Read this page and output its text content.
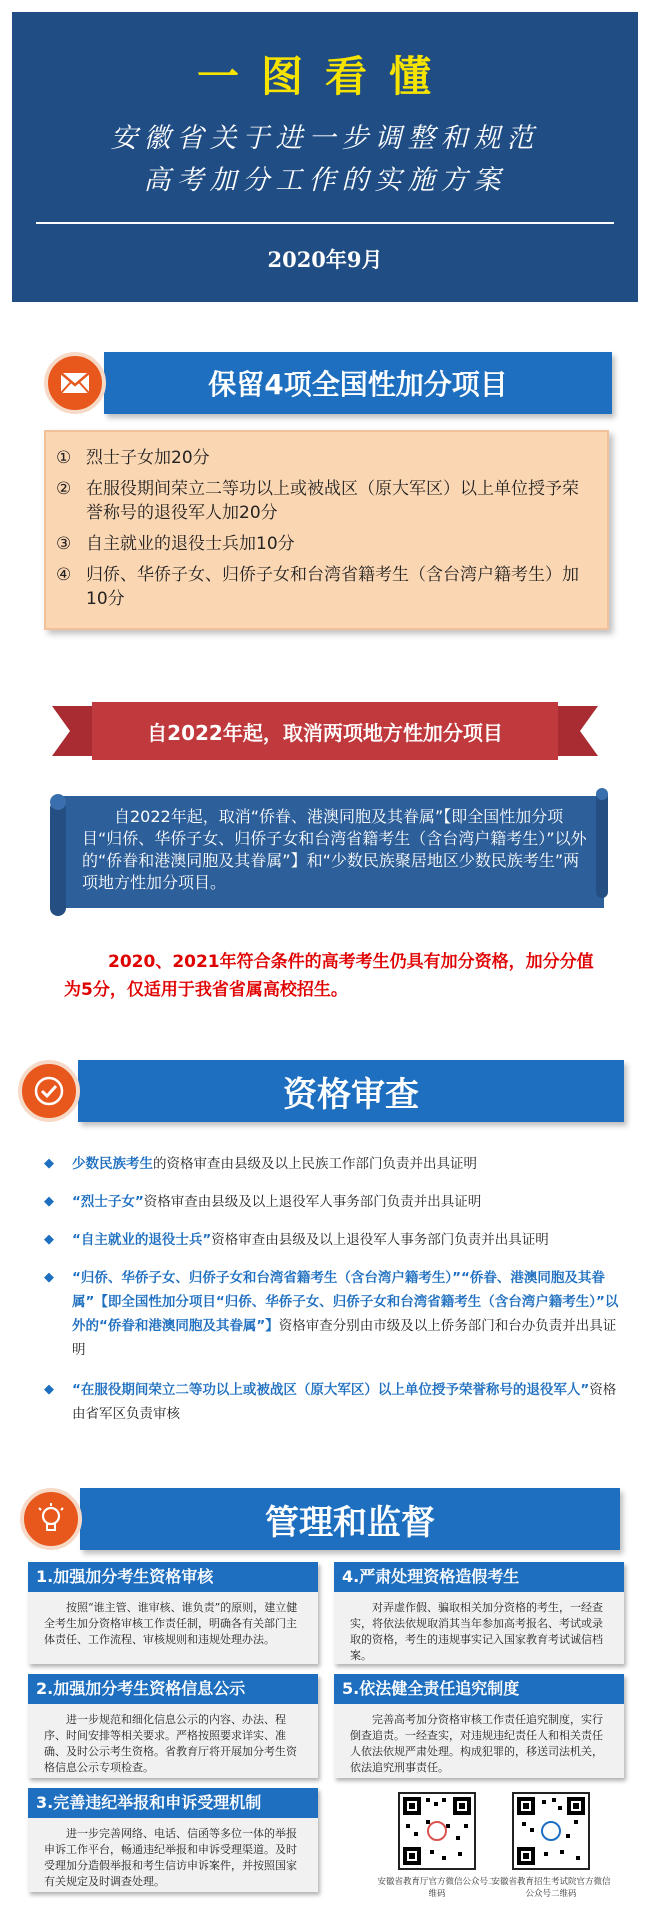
一图看懂
安徽省关于进一步调整和规范
高考加分工作的实施方案
2020年9月
保留4项全国性加分项目
① 烈士子女加20分
② 在服役期间荣立二等功以上或被战区（原大军区）以上单位授予荣誉称号的退役军人加20分
③ 自主就业的退役士兵加10分
④ 归侨、华侨子女、归侨子女和台湾省籍考生（含台湾户籍考生）加10分
自2022年起，取消两项地方性加分项目
自2022年起，取消“侨眷、港澳同胞及其眷属”【即全国性加分项目“归侨、华侨子女、归侨子女和台湾省籍考生（含台湾户籍考生）”以外的“侨眷和港澳同胞及其眷属”】和“少数民族聚居地区少数民族考生”两项地方性加分项目。
2020、2021年符合条件的高考考生仍具有加分资格，加分分值为5分，仅适用于我省省属高校招生。
资格审查
◆ 少数民族考生的资格审查由县级及以上民族工作部门负责并出具证明
◆ “烈士子女”资格审查由县级及以上退役军人事务部门负责并出具证明
◆ “自主就业的退役士兵”资格审查由县级及以上退役军人事务部门负责并出具证明
◆ “归侨、华侨子女、归侨子女和台湾省籍考生（含台湾户籍考生）”“侨眷、港澳同胞及其眷属”【即全国性加分项目“归侨、华侨子女、归侨子女和台湾省籍考生（含台湾户籍考生）”以外的“侨眷和港澳同胞及其眷属”】资格审查分别由市级及以上侨务部门和台办负责并出具证明
◆ “在服役期间荣立二等功以上或被战区（原大军区）以上单位授予荣誉称号的退役军人”资格由省军区负责审核
管理和监督
1.加强加分考生资格审核
按照“谁主管、谁审核、谁负责”的原则，建立健全考生加分资格审核工作责任制，明确各有关部门主体责任、工作流程、审核规则和违规处理办法。
2.加强加分考生资格信息公示
进一步规范和细化信息公示的内容、办法、程序、时间安排等相关要求。严格按照要求详实、准确、及时公示考生资格。省教育厅将开展加分考生资格信息公示专项检查。
3.完善违纪举报和申诉受理机制
进一步完善网络、电话、信函等多位一体的举报申诉工作平台，畅通违纪举报和申诉受理渠道。及时受理加分造假举报和考生信访申诉案件，并按照国家有关规定及时调查处理。
4.严肃处理资格造假考生
对弄虚作假、骗取相关加分资格的考生，一经查实，将依法依规取消其当年参加高考报名、考试或录取的资格，考生的违规事实记入国家教育考试诚信档案。
5.依法健全责任追究制度
完善高考加分资格审核工作责任追究制度，实行倒查追责。一经查实，对违规违纪责任人和相关责任人依法依规严肃处理。构成犯罪的，移送司法机关，依法追究刑事责任。
安徽省教育厅官方微信公众号二维码
安徽省教育招生考试院官方微信公众号二维码
